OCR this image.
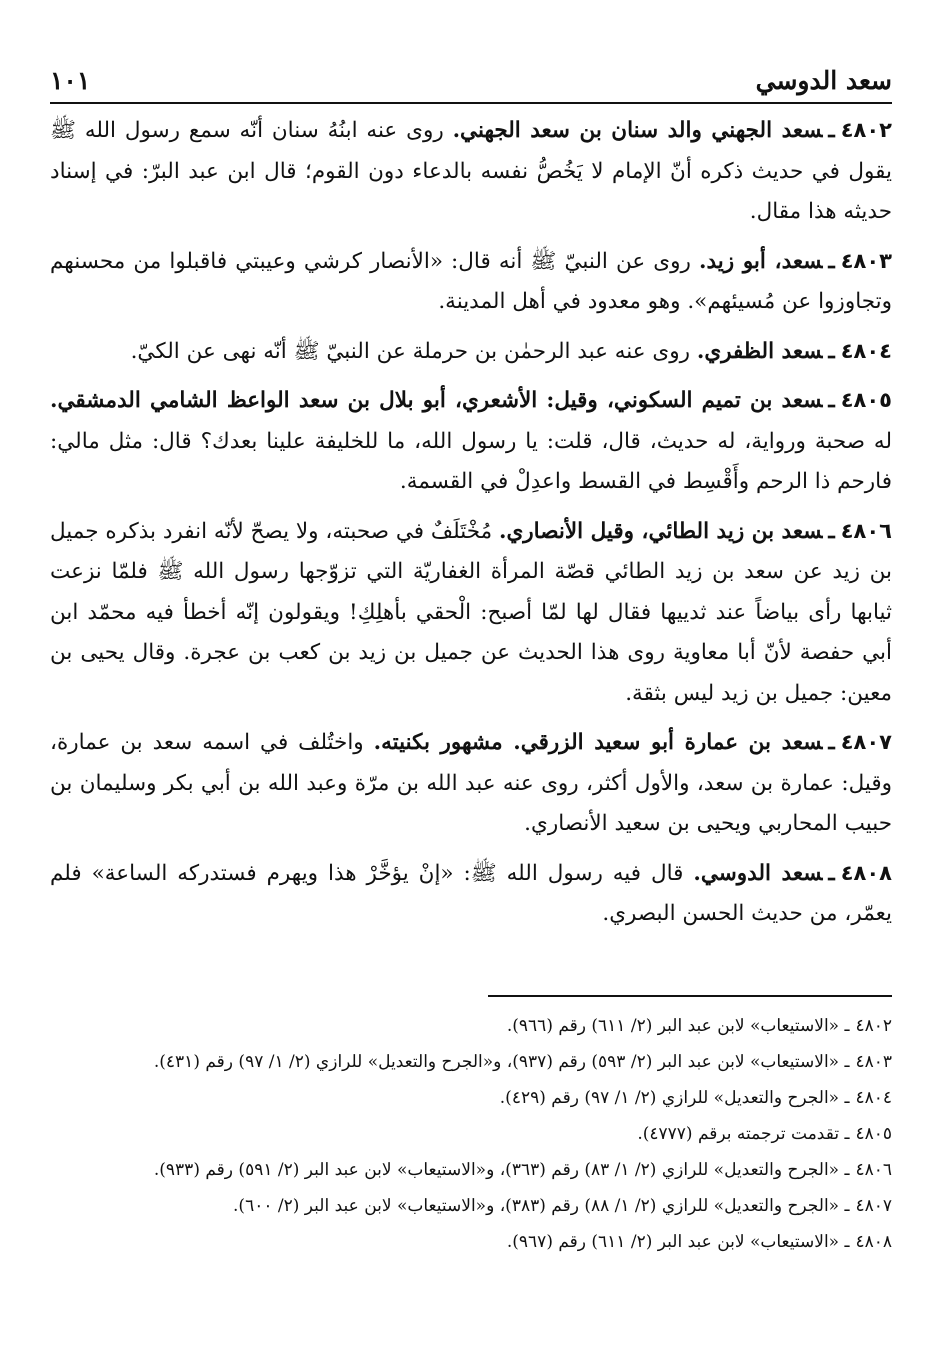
سعد الدوسي
١٠١

٤٨٠٢ـسعد الجهني والد سنان بن سعد الجهني. روى عنه ابنُهُ سنان أنّه سمع رسول الله ﷺ يقول في حديث ذكره أنّ الإمام لا يَخُصُّ نفسه بالدعاء دون القوم؛ قال ابن عبد البرّ: في إسناد حديثه هذا مقال.

٤٨٠٣ـسعد، أبو زيد. روى عن النبيّ ﷺ أنه قال: «الأنصار كرشي وعيبتي فاقبلوا من محسنهم وتجاوزوا عن مُسيئهم». وهو معدود في أهل المدينة.

٤٨٠٤ـسعد الظفري. روى عنه عبد الرحمٰن بن حرملة عن النبيّ ﷺ أنّه نهى عن الكيّ.

٤٨٠٥ـسعد بن تميم السكوني، وقيل: الأشعري، أبو بلال بن سعد الواعظ الشامي الدمشقي. له صحبة ورواية، له حديث، قال، قلت: يا رسول الله، ما للخليفة علينا بعدك؟ قال: مثل مالي: فارحم ذا الرحم وأَقْسِط في القسط واعدِلْ في القسمة.

٤٨٠٦ـسعد بن زيد الطائي، وقيل الأنصاري. مُخْتَلَفٌ في صحبته، ولا يصحّ لأنّه انفرد بذكره جميل بن زيد عن سعد بن زيد الطائي قصّة المرأة الغفاريّة التي تزوّجها رسول الله ﷺ فلمّا نزعت ثيابها رأى بياضاً عند ثدييها فقال لها لمّا أصبح: الْحقي بأهلِكِ! ويقولون إنّه أخطأ فيه محمّد ابن أبي حفصة لأنّ أبا معاوية روى هذا الحديث عن جميل بن زيد بن كعب بن عجرة. وقال يحيى بن معين: جميل بن زيد ليس بثقة.

٤٨٠٧ـسعد بن عمارة أبو سعيد الزرقي. مشهور بكنيته. واختُلف في اسمه سعد بن عمارة، وقيل: عمارة بن سعد، والأول أكثر، روى عنه عبد الله بن مرّة وعبد الله بن أبي بكر وسليمان بن حبيب المحاربي ويحيى بن سعيد الأنصاري.

٤٨٠٨ـسعد الدوسي. قال فيه رسول الله ﷺ: «إنْ يؤخَّرْ هذا ويهرم فستدركه الساعة» فلم يعمّر، من حديث الحسن البصري.

٤٨٠٢ـ «الاستيعاب» لابن عبد البر (٢/ ٦١١) رقم (٩٦٦).

٤٨٠٣ـ «الاستيعاب» لابن عبد البر (٢/ ٥٩٣) رقم (٩٣٧)، و«الجرح والتعديل» للرازي (٢/ ١/ ٩٧) رقم (٤٣١).

٤٨٠٤ـ «الجرح والتعديل» للرازي (٢/ ١/ ٩٧) رقم (٤٢٩).

٤٨٠٥ـ تقدمت ترجمته برقم (٤٧٧٧).

٤٨٠٦ـ «الجرح والتعديل» للرازي (٢/ ١/ ٨٣) رقم (٣٦٣)، و«الاستيعاب» لابن عبد البر (٢/ ٥٩١) رقم (٩٣٣).

٤٨٠٧ـ «الجرح والتعديل» للرازي (٢/ ١/ ٨٨) رقم (٣٨٣)، و«الاستيعاب» لابن عبد البر (٢/ ٦٠٠).

٤٨٠٨ـ «الاستيعاب» لابن عبد البر (٢/ ٦١١) رقم (٩٦٧).
